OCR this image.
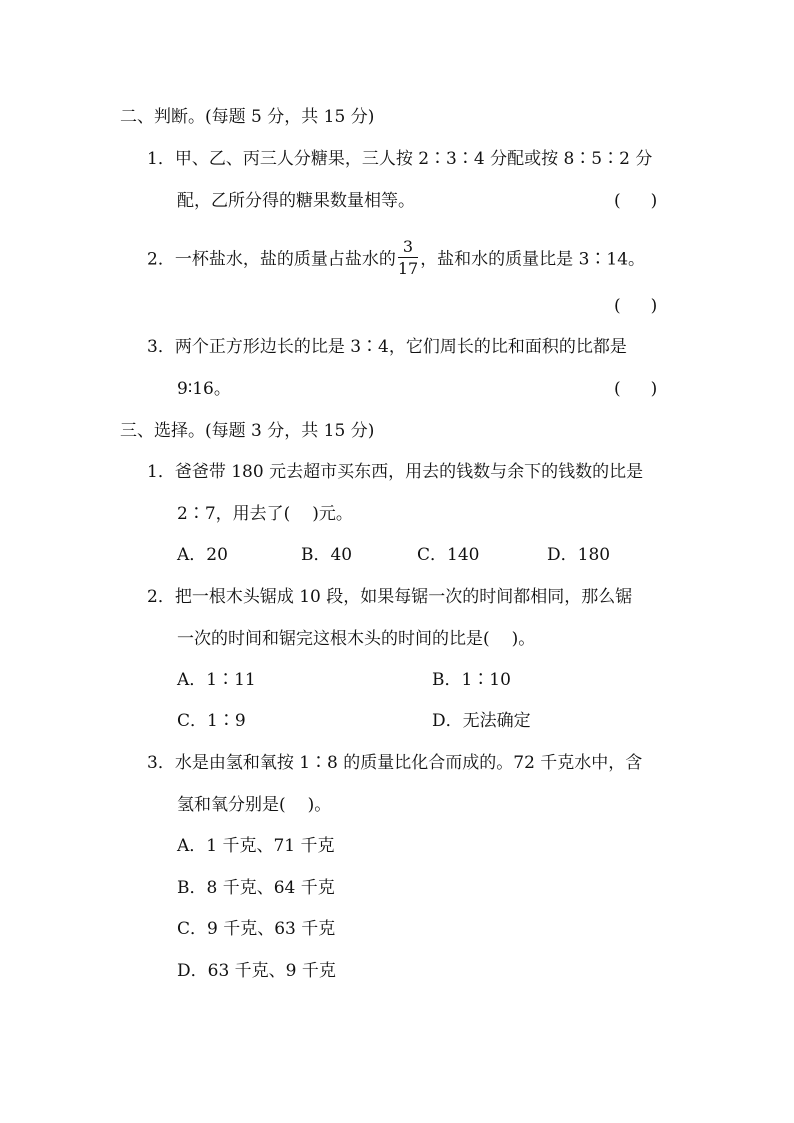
二、判断。(每题 5 分，共 15 分)
1．甲、乙、丙三人分糖果，三人按 2∶3∶4 分配或按 8∶5∶2 分
配，乙所分得的糖果数量相等。	( )
2．一杯盐水，盐的质量占盐水的 $\frac{3}{17}$ ，盐和水的质量比是 3∶14。
( )
3．两个正方形边长的比是 3∶4，它们周长的比和面积的比都是
9∶16。	( )
三、选择。(每题 3 分，共 15 分)
1．爸爸带 180 元去超市买东西，用去的钱数与余下的钱数的比是
2∶7，用去了( )元。
A．20	B．40	C．140	D．180
2．把一根木头锯成 10 段，如果每锯一次的时间都相同，那么锯
一次的时间和锯完这根木头的时间的比是( )。
A．1∶11	B．1∶10
C．1∶9	D．无法确定
3．水是由氢和氧按 1∶8 的质量比化合而成的。72 千克水中，含
氢和氧分别是( )。
A．1 千克、71 千克
B．8 千克、64 千克
C．9 千克、63 千克
D．63 千克、9 千克
